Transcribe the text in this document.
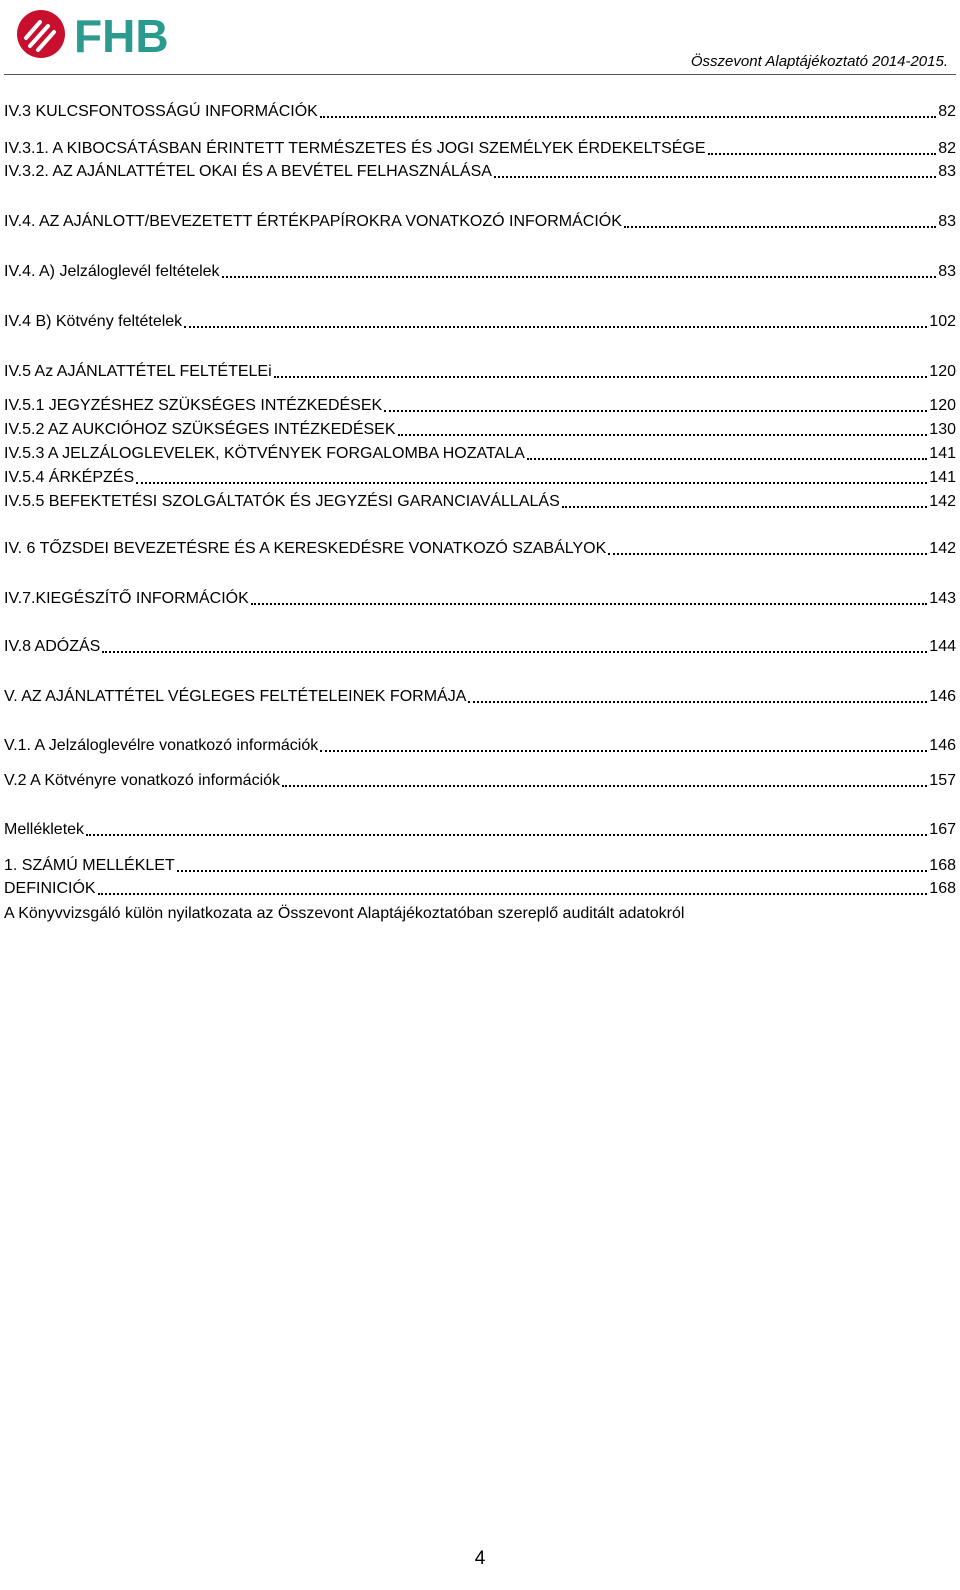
FHB	Összevont Alaptájékoztató 2014-2015.
IV.3 KULCSFONTOSSÁGÚ INFORMÁCIÓK	82
IV.3.1. A KIBOCSÁTÁSBAN ÉRINTETT TERMÉSZETES ÉS JOGI SZEMÉLYEK ÉRDEKELTSÉGE	82
IV.3.2. AZ AJÁNLATTÉTEL OKAI ÉS A BEVÉTEL FELHASZNÁLÁSA	83
IV.4. AZ AJÁNLOTT/BEVEZETETT ÉRTÉKPAPÍROKRA VONATKOZÓ INFORMÁCIÓK	83
IV.4. A) Jelzáloglevél feltételek	83
IV.4 B) Kötvény feltételek	102
IV.5 Az AJÁNLATTÉTEL FELTÉTELEi	120
IV.5.1 JEGYZÉSHEZ SZÜKSÉGES INTÉZKEDÉSEK	120
IV.5.2 AZ AUKCIÓHOZ SZÜKSÉGES INTÉZKEDÉSEK	130
IV.5.3 A JELZÁLOGLEVELEK, KÖTVÉNYEK FORGALOMBA HOZATALA	141
IV.5.4 ÁRKÉPZÉS	141
IV.5.5 BEFEKTETÉSI SZOLGÁLTATÓK ÉS JEGYZÉSI GARANCIAVÁLLALÁS	142
IV. 6 TŐZSDEI BEVEZETÉSRE ÉS A KERESKEDÉSRE VONATKOZÓ SZABÁLYOK	142
IV.7.KIEGÉSZÍTŐ INFORMÁCIÓK	143
IV.8 ADÓZÁS	144
V. AZ AJÁNLATTÉTEL VÉGLEGES FELTÉTELEINEK FORMÁJA	146
V.1. A Jelzáloglevélre vonatkozó információk	146
V.2 A Kötvényre vonatkozó információk	157
Mellékletek	167
1. SZÁMÚ MELLÉKLET	168
DEFINICIÓK	168
A Könyvvizsgáló külön nyilatkozata az Összevont Alaptájékoztatóban szereplő auditált adatokról
4
